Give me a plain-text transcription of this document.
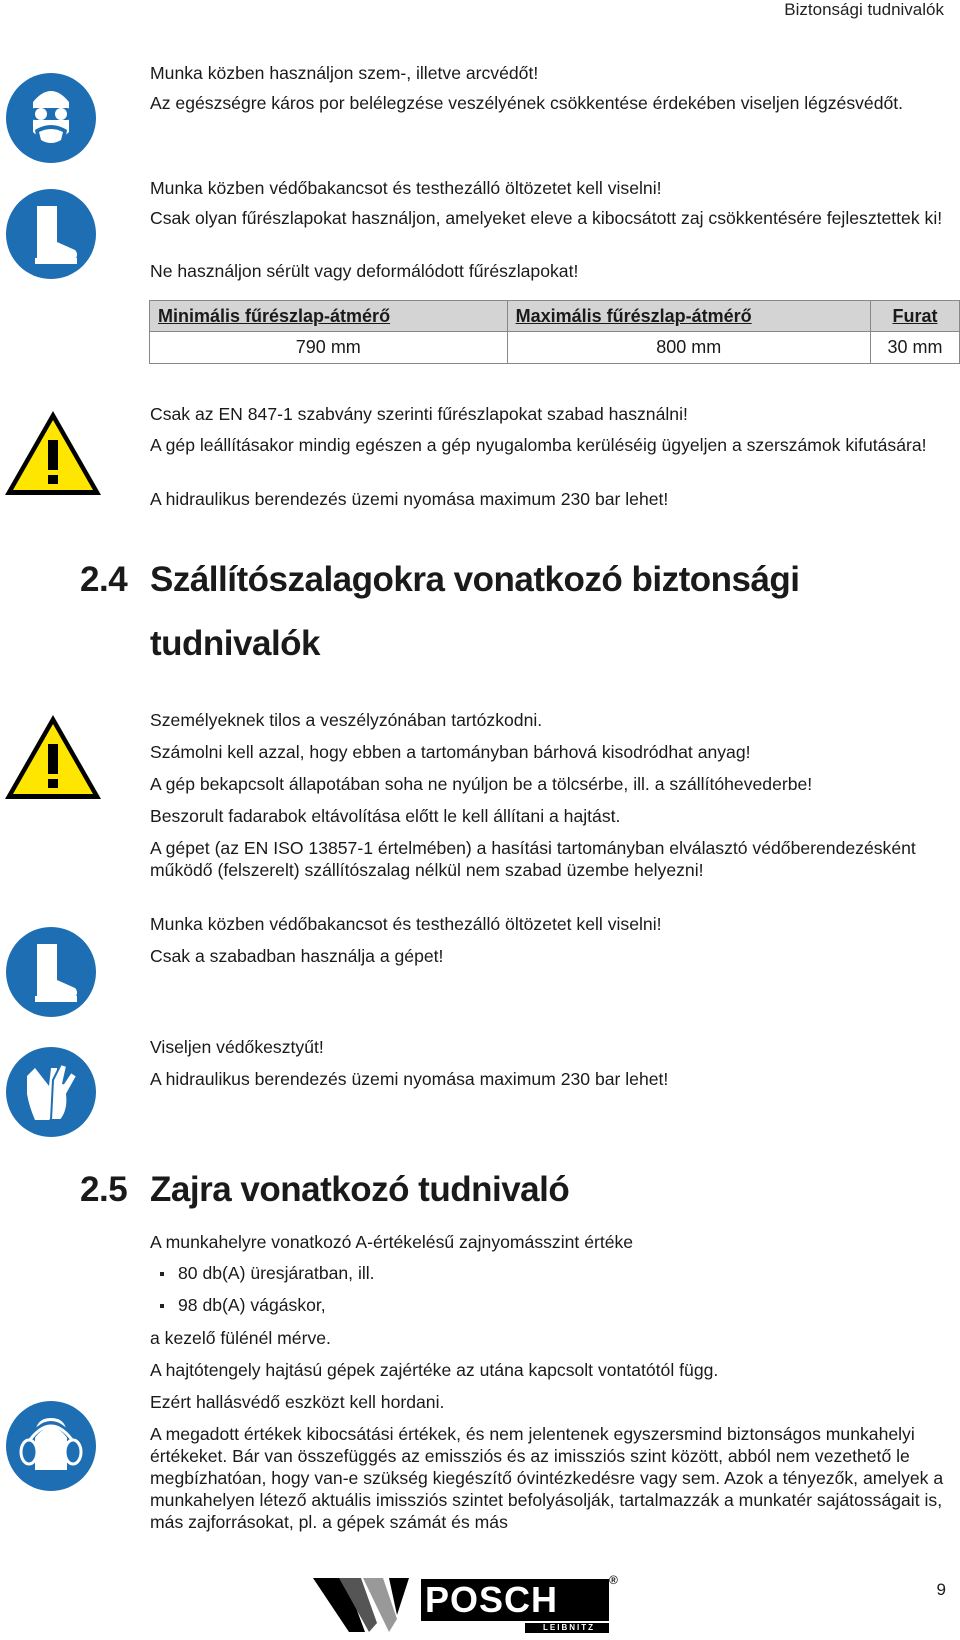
Biztonsági tudnivalók
Munka közben használjon szem-, illetve arcvédőt!
Az egészségre káros por belélegzése veszélyének csökkentése érdekében viseljen légzésvédőt.
Munka közben védőbakancsot és testhezálló öltözetet kell viselni!
Csak olyan fűrészlapokat használjon, amelyeket eleve a kibocsátott zaj csökkentésére fejlesztettek ki!
Ne használjon sérült vagy deformálódott fűrészlapokat!
Minimális fűrészlap-átmérő	Maximális fűrészlap-átmérő	Furat
790 mm	800 mm	30 mm
Csak az EN 847-1 szabvány szerinti fűrészlapokat szabad használni!
A gép leállításakor mindig egészen a gép nyugalomba kerüléséig ügyeljen a szerszámok kifutására!
A hidraulikus berendezés üzemi nyomása maximum 230 bar lehet!
2.4 Szállítószalagokra vonatkozó biztonsági tudnivalók
Személyeknek tilos a veszélyzónában tartózkodni.
Számolni kell azzal, hogy ebben a tartományban bárhová kisodródhat anyag!
A gép bekapcsolt állapotában soha ne nyúljon be a tölcsérbe, ill. a szállítóhevederbe!
Beszorult fadarabok eltávolítása előtt le kell állítani a hajtást.
A gépet (az EN ISO 13857-1 értelmében) a hasítási tartományban elválasztó védőberendezésként működő (felszerelt) szállítószalag nélkül nem szabad üzembe helyezni!
Munka közben védőbakancsot és testhezálló öltözetet kell viselni!
Csak a szabadban használja a gépet!
Viseljen védőkesztyűt!
A hidraulikus berendezés üzemi nyomása maximum 230 bar lehet!
2.5 Zajra vonatkozó tudnivaló
A munkahelyre vonatkozó A-értékelésű zajnyomásszint értéke
80 db(A) üresjáratban, ill.
98 db(A) vágáskor,
a kezelő fülénél mérve.
A hajtótengely hajtású gépek zajértéke az utána kapcsolt vontatótól függ.
Ezért hallásvédő eszközt kell hordani.
A megadott értékek kibocsátási értékek, és nem jelentenek egyszersmind biztonságos munkahelyi értékeket. Bár van összefüggés az emissziós és az imissziós szint között, abból nem vezethető le megbízhatóan, hogy van-e szükség kiegészítő óvintézkedésre vagy sem. Azok a tényezők, amelyek a munkahelyen létező aktuális imissziós szintet befolyásolják, tartalmazzák a munkatér sajátosságait is, más zajforrásokat, pl. a gépek számát és más
POSCH
LEIBNITZ
®	9
